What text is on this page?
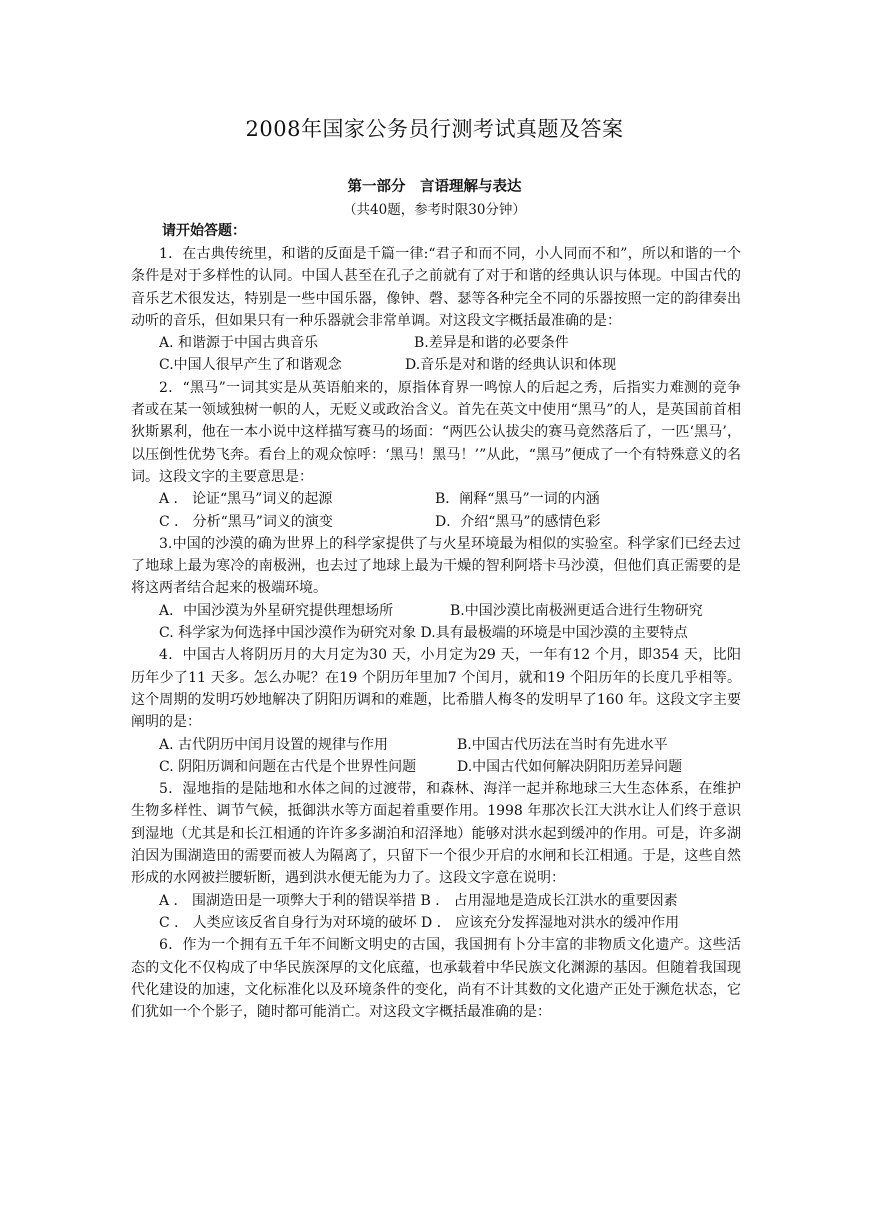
2008年国家公务员行测考试真题及答案
第一部分　言语理解与表达
（共40题，参考时限30分钟）
请开始答题：

1．在古典传统里，和谐的反面是千篇一律:“君子和而不同，小人同而不和”，所以和谐的一个条件是对于多样性的认同。中国人甚至在孔子之前就有了对于和谐的经典认识与体现。中国古代的音乐艺术很发达，特别是一些中国乐器，像钟、磬、瑟等各种完全不同的乐器按照一定的韵律奏出动听的音乐，但如果只有一种乐器就会非常单调。对这段文字概括最准确的是：

A. 和谐源于中国古典音乐	B.差异是和谐的必要条件
C.中国人很早产生了和谐观念	D.音乐是对和谐的经典认识和体现

2．“黑马”一词其实是从英语舶来的，原指体育界一鸣惊人的后起之秀，后指实力难测的竞争者或在某一领域独树一帜的人，无贬义或政治含义。首先在英文中使用“黑马”的人，是英国前首相狄斯累利，他在一本小说中这样描写赛马的场面：“两匹公认拔尖的赛马竟然落后了，一匹‘黑马’，以压倒性优势飞奔。看台上的观众惊呼：‘黑马！黑马！’”从此，“黑马”便成了一个有特殊意义的名词。这段文字的主要意思是：

A ． 论证“黑马”词义的起源	B．阐释“黑马”一词的内涵
C ． 分析“黑马”词义的演变	D．介绍“黑马”的感情色彩

3.中国的沙漠的确为世界上的科学家提供了与火星环境最为相似的实验室。科学家们已经去过了地球上最为寒冷的南极洲，也去过了地球上最为干燥的智利阿塔卡马沙漠，但他们真正需要的是将这两者结合起来的极端环境。

A．中国沙漠为外星研究提供理想场所	B.中国沙漠比南极洲更适合进行生物研究

C. 科学家为何选择中国沙漠作为研究对象 D.具有最极端的环境是中国沙漠的主要特点

4．中国古人将阴历月的大月定为30 天，小月定为29 天，一年有12 个月，即354 天，比阳历年少了11 天多。怎么办呢？在19 个阴历年里加7 个闰月，就和19 个阳历年的长度几乎相等。这个周期的发明巧妙地解决了阴阳历调和的难题，比希腊人梅冬的发明早了160 年。这段文字主要阐明的是：

A. 古代阴历中闰月设置的规律与作用	B.中国古代历法在当时有先进水平
C. 阴阳历调和问题在古代是个世界性问题	D.中国古代如何解决阴阳历差异问题

5．湿地指的是陆地和水体之间的过渡带，和森林、海洋一起并称地球三大生态体系，在维护生物多样性、调节气候，抵御洪水等方面起着重要作用。1998 年那次长江大洪水让人们终于意识到湿地（尤其是和长江相通的许许多多湖泊和沼泽地）能够对洪水起到缓冲的作用。可是，许多湖泊因为围湖造田的需要而被人为隔离了，只留下一个很少开启的水闸和长江相通。于是，这些自然形成的水网被拦腰斩断，遇到洪水便无能为力了。这段文字意在说明：

A ． 围湖造田是一项弊大于利的错误举措 B ． 占用湿地是造成长江洪水的重要因素
C ． 人类应该反省自身行为对环境的破坏 D ． 应该充分发挥湿地对洪水的缓冲作用

6．作为一个拥有五千年不间断文明史的古国，我国拥有卜分丰富的非物质文化遗产。这些活态的文化不仅构成了中华民族深厚的文化底蕴，也承载着中华民族文化渊源的基因。但随着我国现代化建设的加速，文化标准化以及环境条件的变化，尚有不计其数的文化遗产正处于濒危状态，它们犹如一个个影子，随时都可能消亡。对这段文字概括最准确的是：
